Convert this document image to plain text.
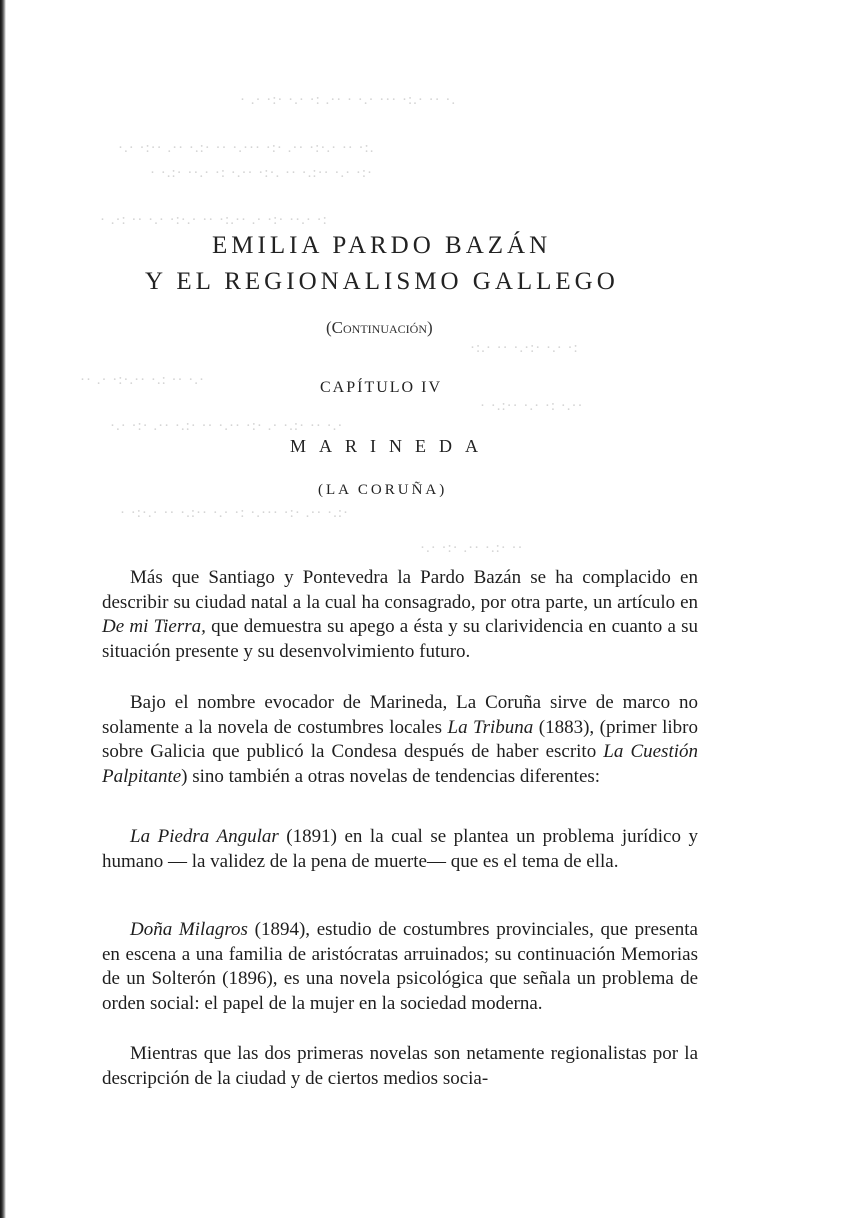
· .· ·:· ·.· ·: .·· · ·.· ··· ·:.· ·· ·.
·.· ·:·· .·· ·.:· ·· ·.··· ·:· .·· ·:·.· ·· ·:.
· ·.:· ··.· ·: ·.·· ·:·. ·· ·.:·· ·.· ·:·
· .·: ·· ·.· ·:·.· ·· ·:.·· .· ·:· ··.· ·:
·:.· ·· ·.·:· ·.· ·:
·· .· ·:·.·· ·.: ·· ·.·
· ·.:·· ·.· ·: ·.··
·.· ·:· .·· ·.:· ·· ·.·· ·:· .· ·.:· ·· ·.·
· ·:·.· ·· ·.:·· ·.· ·: ·.··· ·:· .·· ·.:·
·.· ·:· .·· ·.:· ··
EMILIA PARDO BAZÁN
Y EL REGIONALISMO GALLEGO
(Continuación)
CAPÍTULO IV
MARINEDA
(LA CORUÑA)

Más que Santiago y Pontevedra la Pardo Bazán se ha complacido en describir su ciudad natal a la cual ha consagrado, por otra parte, un artículo en De mi Tierra, que demuestra su apego a ésta y su clarividencia en cuanto a su situación presente y su desenvolvimiento futuro.

Bajo el nombre evocador de Marineda, La Coruña sirve de marco no solamente a la novela de costumbres locales La Tribuna (1883), (primer libro sobre Galicia que publicó la Condesa después de haber escrito La Cuestión Palpitante) sino también a otras novelas de tendencias diferentes:

La Piedra Angular (1891) en la cual se plantea un problema jurídico y humano — la validez de la pena de muerte— que es el tema de ella.

Doña Milagros (1894), estudio de costumbres provinciales, que presenta en escena a una familia de aristócratas arruinados; su continuación Memorias de un Solterón (1896), es una novela psicológica que señala un problema de orden social: el papel de la mujer en la sociedad moderna.

Mientras que las dos primeras novelas son netamente regionalistas por la descripción de la ciudad y de ciertos medios socia-
